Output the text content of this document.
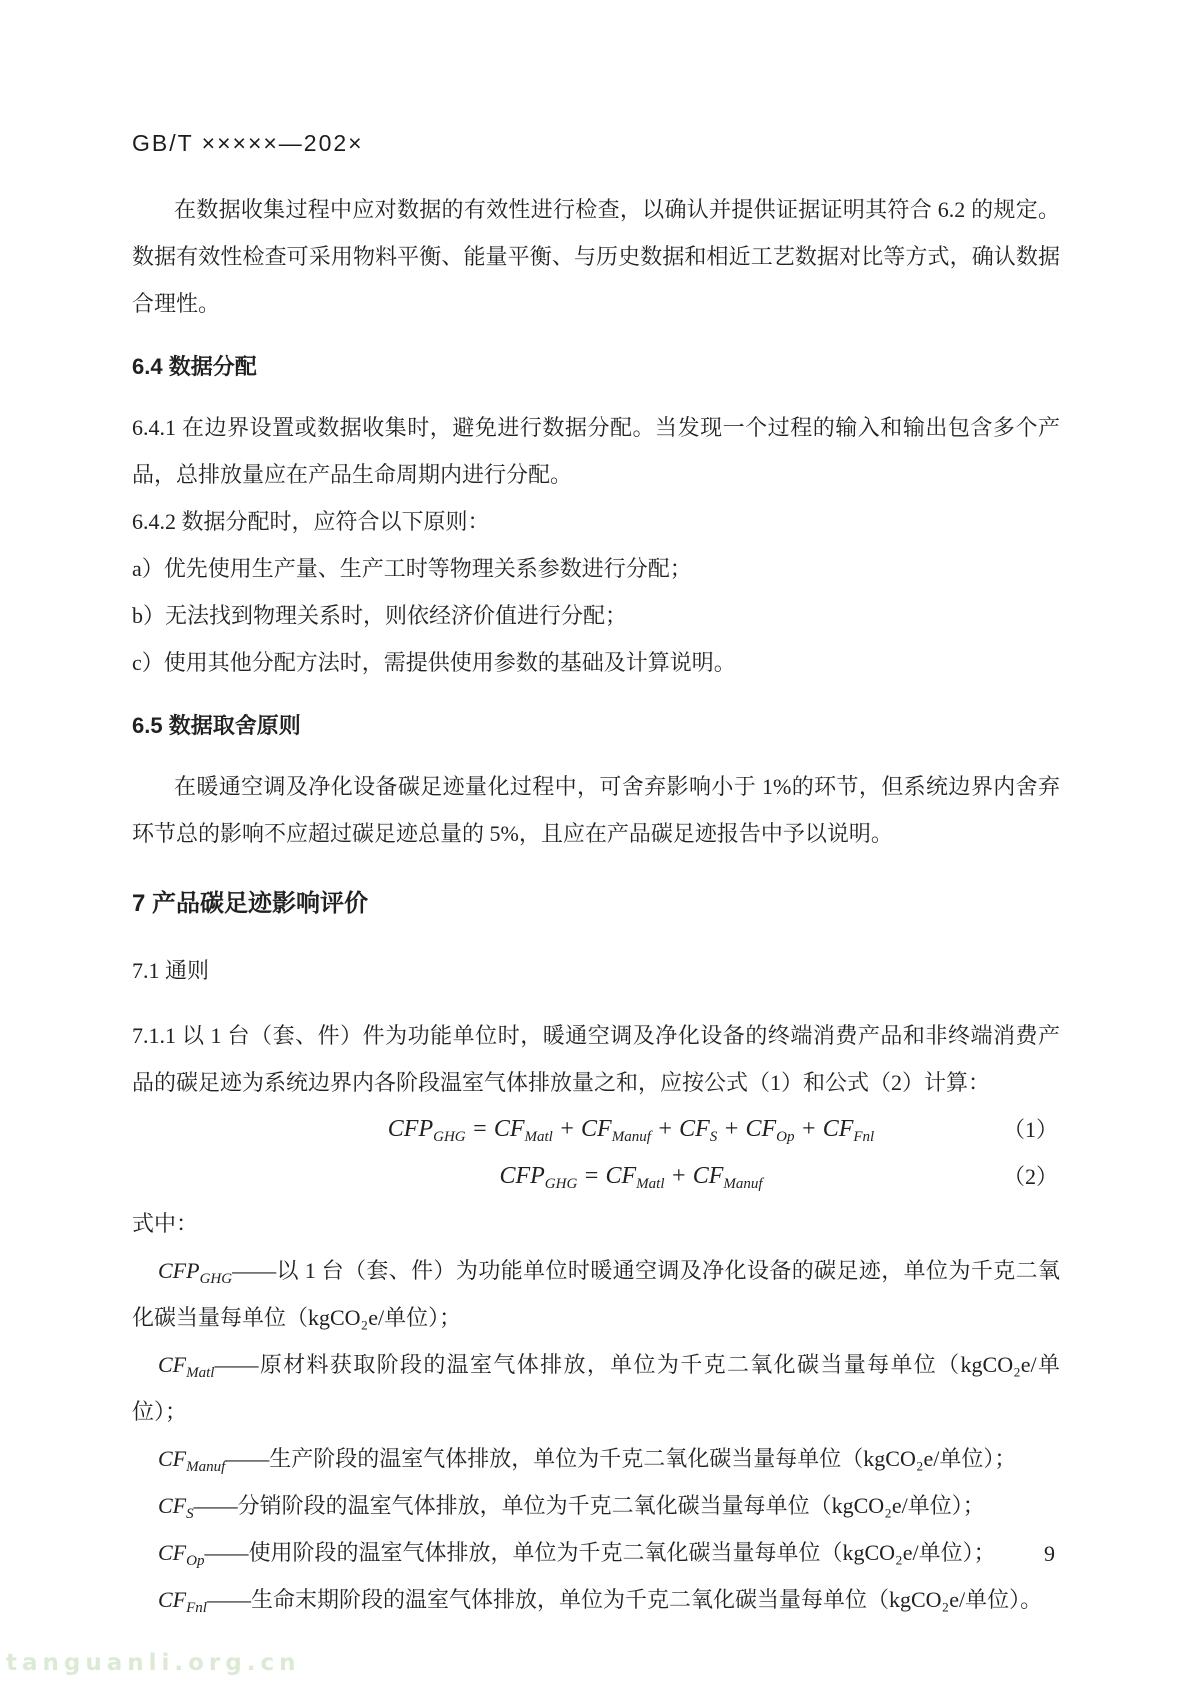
GB/T ×××××—202×

在数据收集过程中应对数据的有效性进行检查，以确认并提供证据证明其符合 6.2 的规定。数据有效性检查可采用物料平衡、能量平衡、与历史数据和相近工艺数据对比等方式，确认数据合理性。

6.4 数据分配

6.4.1 在边界设置或数据收集时，避免进行数据分配。当发现一个过程的输入和输出包含多个产品，总排放量应在产品生命周期内进行分配。

6.4.2 数据分配时，应符合以下原则：

a）优先使用生产量、生产工时等物理关系参数进行分配；

b）无法找到物理关系时，则依经济价值进行分配；

c）使用其他分配方法时，需提供使用参数的基础及计算说明。

6.5 数据取舍原则

在暖通空调及净化设备碳足迹量化过程中，可舍弃影响小于 1%的环节，但系统边界内舍弃环节总的影响不应超过碳足迹总量的 5%，且应在产品碳足迹报告中予以说明。

7 产品碳足迹影响评价

7.1 通则

7.1.1 以 1 台（套、件）件为功能单位时，暖通空调及净化设备的终端消费产品和非终端消费产品的碳足迹为系统边界内各阶段温室气体排放量之和，应按公式（1）和公式（2）计算：

$CFP_{GHG} = CF_{Matl} + CF_{Manuf} + CF_S + CF_{Op} + CF_{Fnl}$	（1）
$CFP_{GHG} = CF_{Matl} + CF_{Manuf}$	（2）

式中：

$CFP_{GHG}——$以 1 台（套、件）为功能单位时暖通空调及净化设备的碳足迹，单位为千克二氧化碳当量每单位（kgCO₂e/单位）；

$CF_{Matl}——$原材料获取阶段的温室气体排放，单位为千克二氧化碳当量每单位（kgCO₂e/单位）；

$CF_{Manuf}——$生产阶段的温室气体排放，单位为千克二氧化碳当量每单位（kgCO₂e/单位）；

$CF_S——$分销阶段的温室气体排放，单位为千克二氧化碳当量每单位（kgCO₂e/单位）；

$CF_{Op}——$使用阶段的温室气体排放，单位为千克二氧化碳当量每单位（kgCO₂e/单位）；

$CF_{Fnl}——$生命末期阶段的温室气体排放，单位为千克二氧化碳当量每单位（kgCO₂e/单位）。

9
tanguanli.org.cn
